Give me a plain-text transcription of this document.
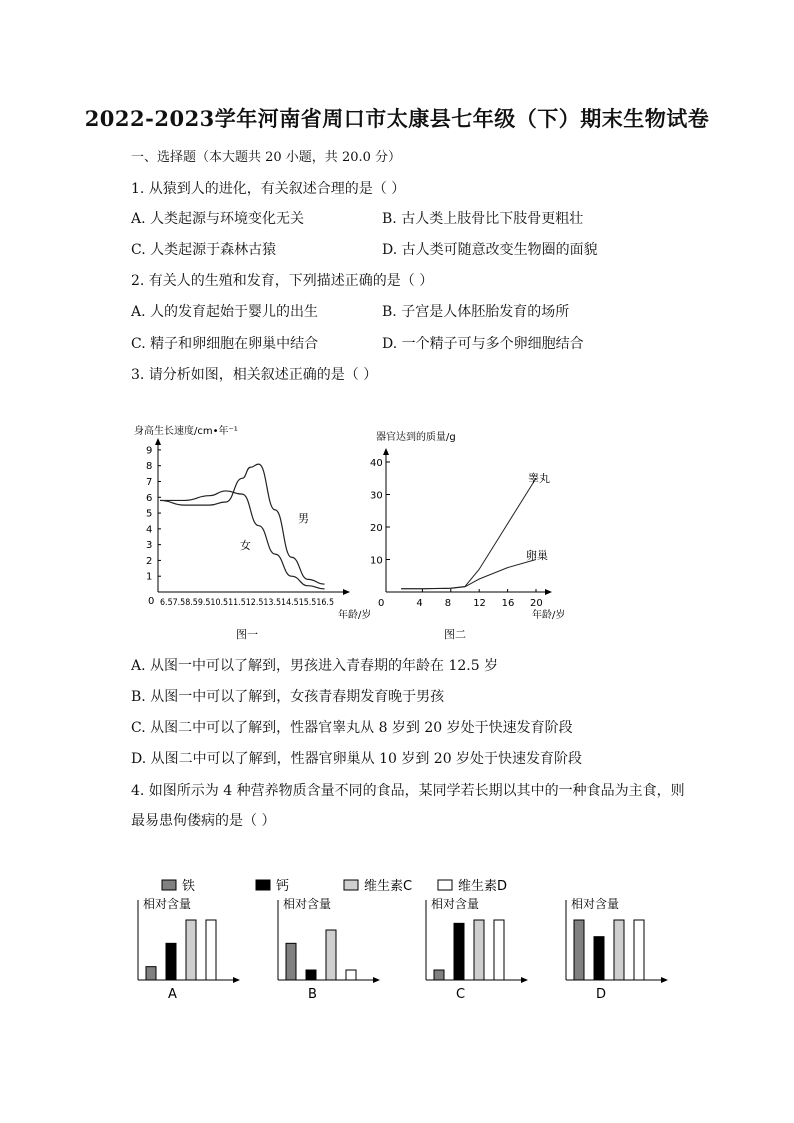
2022-2023学年河南省周口市太康县七年级（下）期末生物试卷
一、选择题（本大题共 20 小题，共 20.0 分）
1. 从猿到人的进化，有关叙述合理的是（ ）
A. 人类起源与环境变化无关	B. 古人类上肢骨比下肢骨更粗壮
C. 人类起源于森林古猿	D. 古人类可随意改变生物圈的面貌
2. 有关人的生殖和发育，下列描述正确的是（ ）
A. 人的发育起始于婴儿的出生	B. 子宫是人体胚胎发育的场所
C. 精子和卵细胞在卵巢中结合	D. 一个精子可与多个卵细胞结合
3. 请分析如图，相关叙述正确的是（ ）
身高生长速度/cm•年⁻¹
1
2
3
4
5
6
7
8
9
0 6.57.58.59.510.511.512.513.514.515.516.5
年龄/岁
男
女
图一
器官达到的质量/g
10
20
30
40
0	4 8 12 16 20
年龄/岁
睾丸
卵巢
图二
A. 从图一中可以了解到，男孩进入青春期的年龄在 12.5 岁
B. 从图一中可以了解到，女孩青春期发育晚于男孩
C. 从图二中可以了解到，性器官睾丸从 8 岁到 20 岁处于快速发育阶段
D. 从图二中可以了解到，性器官卵巢从 10 岁到 20 岁处于快速发育阶段
4. 如图所示为 4 种营养物质含量不同的食品，某同学若长期以其中的一种食品为主食，则
最易患佝偻病的是（ ）
铁	钙	维生素C	维生素D
相对含量
A
相对含量
B
相对含量
C
相对含量
D
